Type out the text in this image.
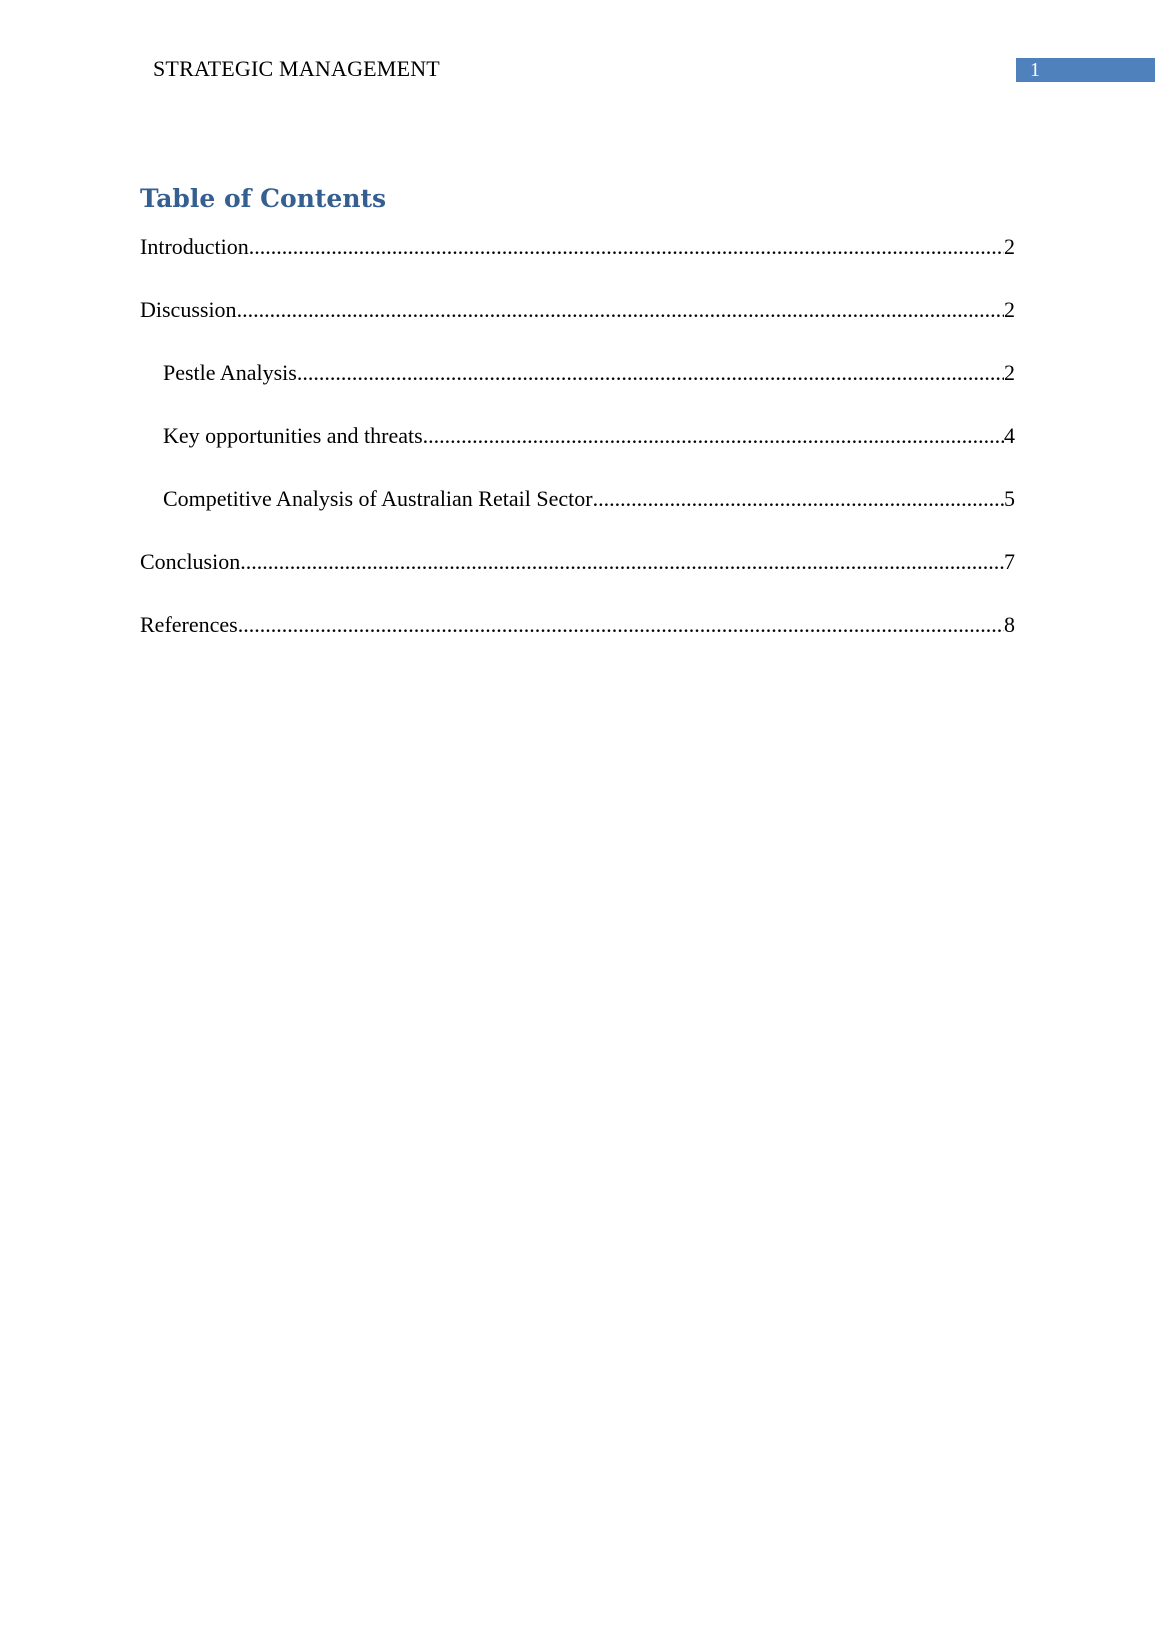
STRATEGIC MANAGEMENT	1
Table of Contents
Introduction .....	2
Discussion .....	2
Pestle Analysis .....	2
Key opportunities and threats .....	4
Competitive Analysis of Australian Retail Sector .....	5
Conclusion .....	7
References .....	8
